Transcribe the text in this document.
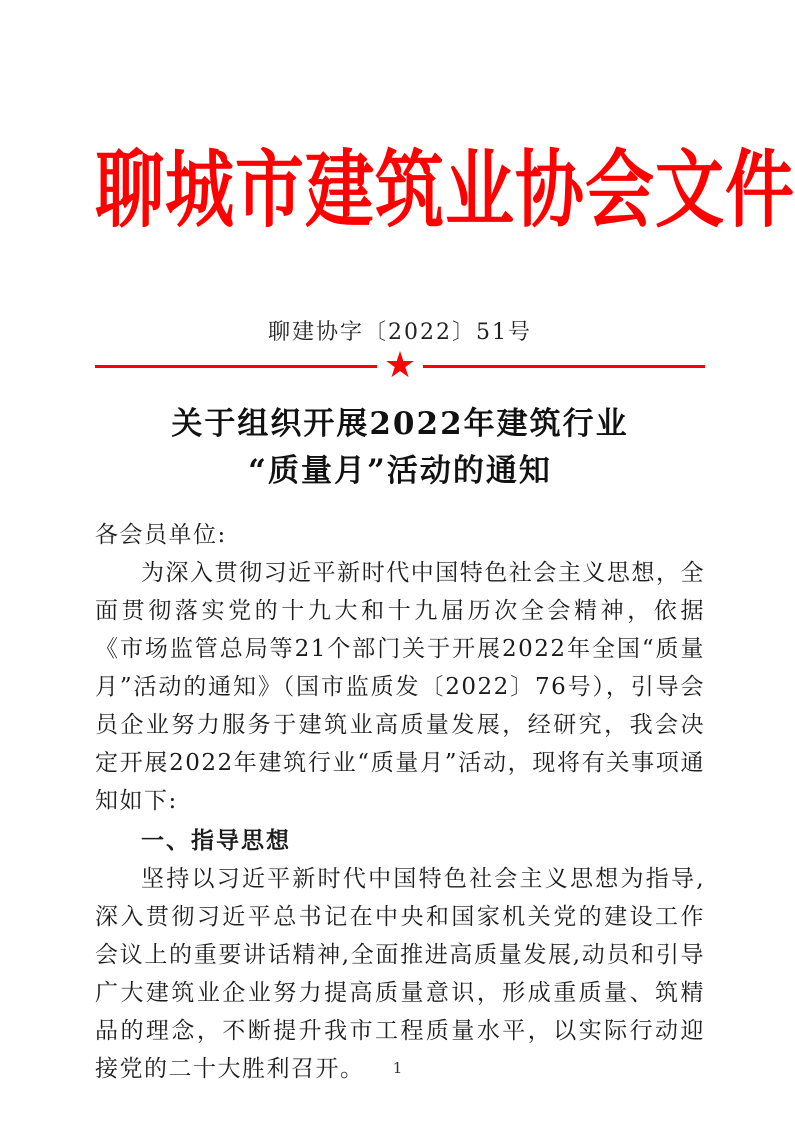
聊城市建筑业协会文件
聊建协字〔2022〕51号
★
关于组织开展2022年建筑行业
“质量月”活动的通知
各会员单位:
为深入贯彻习近平新时代中国特色社会主义思想，全面贯彻落实党的十九大和十九届历次全会精神，依据《市场监管总局等21个部门关于开展2022年全国“质量月”活动的通知》（国市监质发〔2022〕76号），引导会员企业努力服务于建筑业高质量发展，经研究，我会决定开展2022年建筑行业“质量月”活动，现将有关事项通知如下:
一、指导思想
坚持以习近平新时代中国特色社会主义思想为指导,深入贯彻习近平总书记在中央和国家机关党的建设工作会议上的重要讲话精神,全面推进高质量发展,动员和引导广大建筑业企业努力提高质量意识，形成重质量、筑精品的理念，不断提升我市工程质量水平，以实际行动迎接党的二十大胜利召开。	1
